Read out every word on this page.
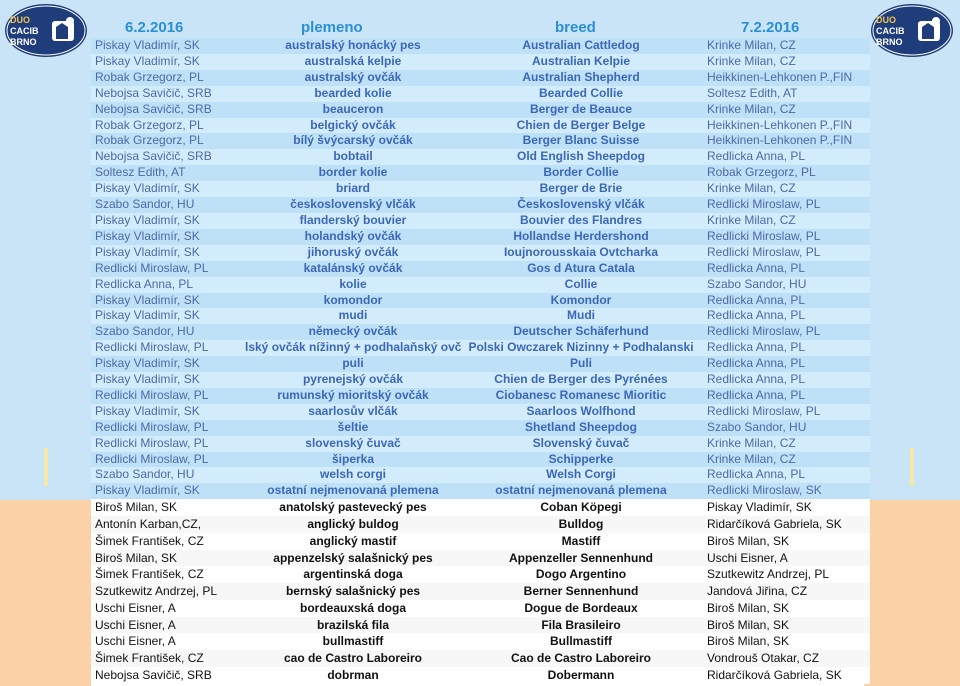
DUO
CACIB
BRNO
DUO
CACIB
BRNO
6.2.2016	plemeno	breed	7.2.2016
Piskay Vladimír, SK	australský honácký pes	Australian Cattledog	Krinke Milan, CZ
Piskay Vladimír, SK	australská kelpie	Australian Kelpie	Krinke Milan, CZ
Robak Grzegorz, PL	australský ovčák	Australian Shepherd	Heikkinen-Lehkonen P.,FIN
Nebojsa Savičič, SRB	bearded kolie	Bearded Collie	Soltesz Edith, AT
Nebojsa Savičič, SRB	beauceron	Berger de Beauce	Krinke Milan, CZ
Robak Grzegorz, PL	belgický ovčák	Chien de Berger Belge	Heikkinen-Lehkonen P.,FIN
Robak Grzegorz, PL	bílý švýcarský ovčák	Berger Blanc Suisse	Heikkinen-Lehkonen P.,FIN
Nebojsa Savičič, SRB	bobtail	Old English Sheepdog	Redlicka Anna, PL
Soltesz Edith, AT	border kolie	Border Collie	Robak Grzegorz, PL
Piskay Vladimír, SK	briard	Berger de Brie	Krinke Milan, CZ
Szabo Sandor, HU	československý vlčák	Československý vlčák	Redlicki Miroslaw, PL
Piskay Vladimír, SK	flanderský bouvier	Bouvier des Flandres	Krinke Milan, CZ
Piskay Vladimír, SK	holandský ovčák	Hollandse Herdershond	Redlicki Miroslaw, PL
Piskay Vladimír, SK	jihoruský ovčák	Ioujnorousskaia Ovtcharka	Redlicki Miroslaw, PL
Redlicki Miroslaw, PL	katalánský ovčák	Gos d Atura Catala	Redlicka Anna, PL
Redlicka Anna, PL	kolie	Collie	Szabo Sandor, HU
Piskay Vladimír, SK	komondor	Komondor	Redlicka Anna, PL
Piskay Vladimír, SK	mudi	Mudi	Redlicka Anna, PL
Szabo Sandor, HU	německý ovčák	Deutscher Schäferhund	Redlicki Miroslaw, PL
Redlicki Miroslaw, PL	lský ovčák nížinný + podhalaňský ovč	Polski Owczarek Nizinny + Podhalanski	Redlicka Anna, PL
Piskay Vladimír, SK	puli	Puli	Redlicka Anna, PL
Piskay Vladimír, SK	pyrenejský ovčák	Chien de Berger des Pyrénées	Redlicka Anna, PL
Redlicki Miroslaw, PL	rumunský mioritský ovčák	Ciobanesc Romanesc Mioritic	Redlicka Anna, PL
Piskay Vladimír, SK	saarlosův vlčák	Saarloos Wolfhond	Redlicki Miroslaw, PL
Redlicki Miroslaw, PL	šeltie	Shetland Sheepdog	Szabo Sandor, HU
Redlicki Miroslaw, PL	slovenský čuvač	Slovenský čuvač	Krinke Milan, CZ
Redlicki Miroslaw, PL	šiperka	Schipperke	Krinke Milan, CZ
Szabo Sandor, HU	welsh corgi	Welsh Corgi	Redlicka Anna, PL
Piskay Vladimír, SK	ostatní nejmenovaná plemena	ostatní nejmenovaná plemena	Redlicki Miroslaw, SK
Biroš Milan, SK	anatolský pastevecký pes	Coban Köpegi	Piskay Vladimír, SK
Antonín Karban,CZ,	anglický buldog	Bulldog	Ridarčíková Gabriela, SK
Šimek František, CZ	anglický mastif	Mastiff	Biroš Milan, SK
Biroš Milan, SK	appenzelský salašnický pes	Appenzeller Sennenhund	Uschi Eisner, A
Šimek František, CZ	argentinská doga	Dogo Argentino	Szutkewitz Andrzej, PL
Szutkewitz Andrzej, PL	bernský salašnický pes	Berner Sennenhund	Jandová Jiřina, CZ
Uschi Eisner, A	bordeauxská doga	Dogue de Bordeaux	Biroš Milan, SK
Uschi Eisner, A	brazilská fila	Fila Brasileiro	Biroš Milan, SK
Uschi Eisner, A	bullmastiff	Bullmastiff	Biroš Milan, SK
Šimek František, CZ	cao de Castro Laboreiro	Cao de Castro Laboreiro	Vondrouš Otakar, CZ
Nebojsa Savičič, SRB	dobrman	Dobermann	Ridarčíková Gabriela, SK
